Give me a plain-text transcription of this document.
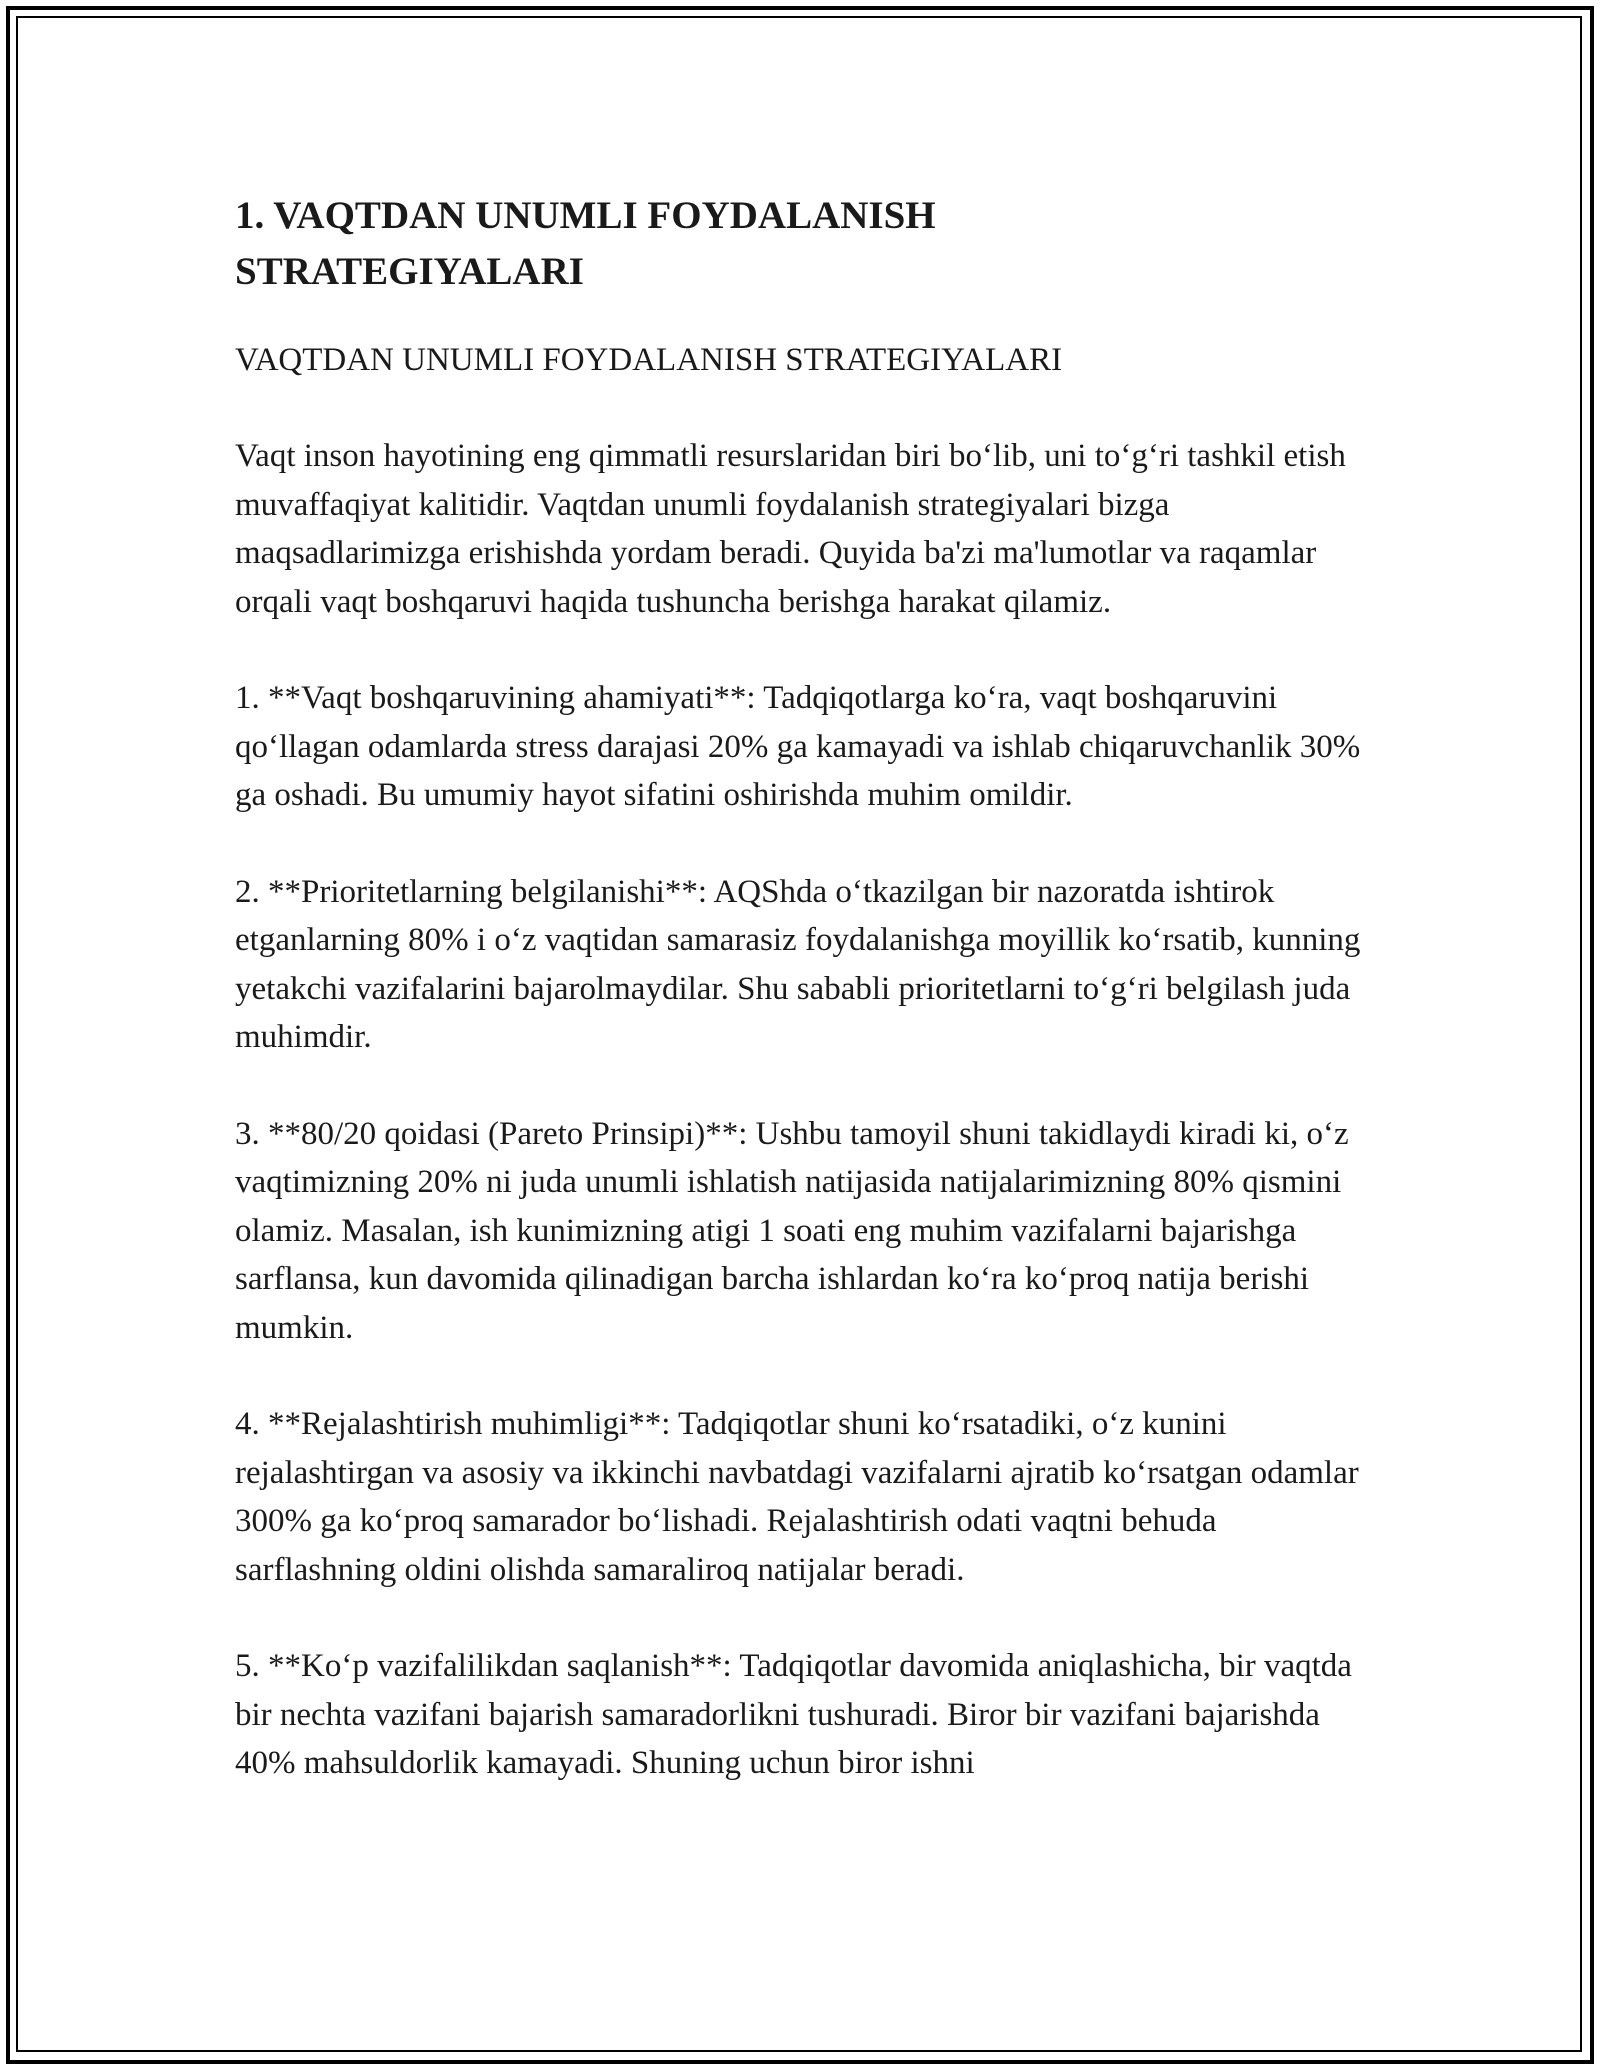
1. VAQTDAN UNUMLI FOYDALANISH STRATEGIYALARI

VAQTDAN UNUMLI FOYDALANISH STRATEGIYALARI

Vaqt inson hayotining eng qimmatli resurslaridan biri boʻlib, uni toʻgʻri tashkil etish muvaffaqiyat kalitidir. Vaqtdan unumli foydalanish strategiyalari bizga maqsadlarimizga erishishda yordam beradi. Quyida ba'zi ma'lumotlar va raqamlar orqali vaqt boshqaruvi haqida tushuncha berishga harakat qilamiz.

1. **Vaqt boshqaruvining ahamiyati**: Tadqiqotlarga koʻra, vaqt boshqaruvini qoʻllagan odamlarda stress darajasi 20% ga kamayadi va ishlab chiqaruvchanlik 30% ga oshadi. Bu umumiy hayot sifatini oshirishda muhim omildir.

2. **Prioritetlarning belgilanishi**: AQShda oʻtkazilgan bir nazoratda ishtirok etganlarning 80% i oʻz vaqtidan samarasiz foydalanishga moyillik koʻrsatib, kunning yetakchi vazifalarini bajarolmaydilar. Shu sababli prioritetlarni toʻgʻri belgilash juda muhimdir.

3. **80/20 qoidasi (Pareto Prinsipi)**: Ushbu tamoyil shuni takidlaydi kiradi ki, oʻz vaqtimizning 20% ni juda unumli ishlatish natijasida natijalarimizning 80% qismini olamiz. Masalan, ish kunimizning atigi 1 soati eng muhim vazifalarni bajarishga sarflansa, kun davomida qilinadigan barcha ishlardan koʻra koʻproq natija berishi mumkin.

4. **Rejalashtirish muhimligi**: Tadqiqotlar shuni koʻrsatadiki, oʻz kunini rejalashtirgan va asosiy va ikkinchi navbatdagi vazifalarni ajratib koʻrsatgan odamlar 300% ga koʻproq samarador boʻlishadi. Rejalashtirish odati vaqtni behuda sarflashning oldini olishda samaraliroq natijalar beradi.

5. **Koʻp vazifalilikdan saqlanish**: Tadqiqotlar davomida aniqlashicha, bir vaqtda bir nechta vazifani bajarish samaradorlikni tushuradi. Biror bir vazifani bajarishda 40% mahsuldorlik kamayadi. Shuning uchun biror ishni
